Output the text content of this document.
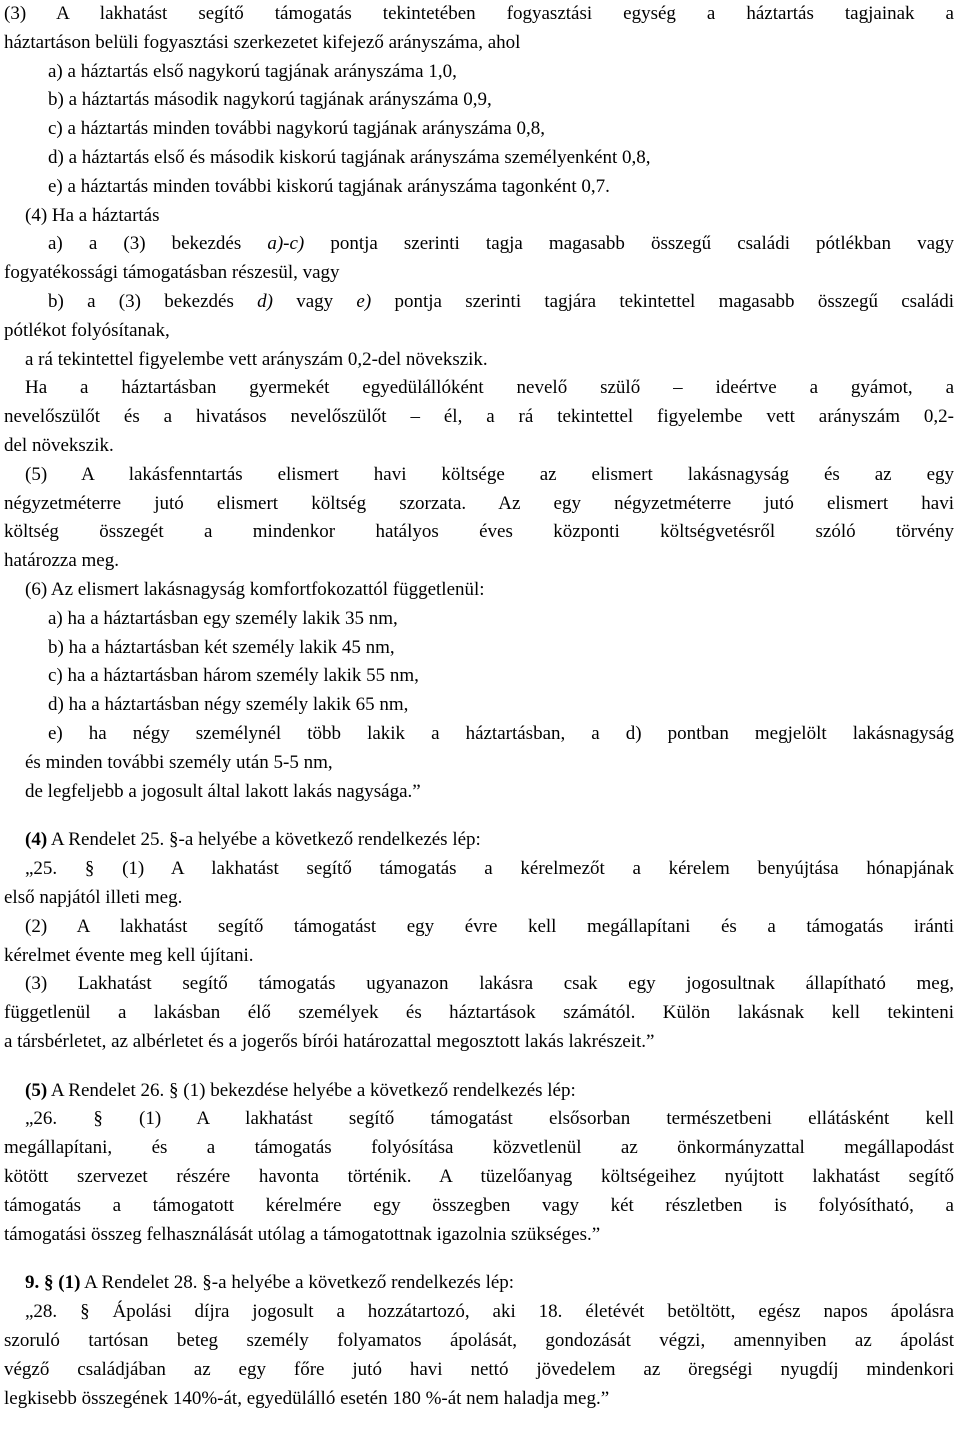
(3) A lakhatást segítő támogatás tekintetében fogyasztási egység a háztartás tagjainak a
háztartáson belüli fogyasztási szerkezetet kifejező arányszáma, ahol
a) a háztartás első nagykorú tagjának arányszáma 1,0,
b) a háztartás második nagykorú tagjának arányszáma 0,9,
c) a háztartás minden további nagykorú tagjának arányszáma 0,8,
d) a háztartás első és második kiskorú tagjának arányszáma személyenként 0,8,
e) a háztartás minden további kiskorú tagjának arányszáma tagonként 0,7.
(4) Ha a háztartás
a) a (3) bekezdés a)-c) pontja szerinti tagja magasabb összegű családi pótlékban vagy
fogyatékossági támogatásban részesül, vagy
b) a (3) bekezdés d) vagy e) pontja szerinti tagjára tekintettel magasabb összegű családi
pótlékot folyósítanak,
a rá tekintettel figyelembe vett arányszám 0,2-del növekszik.
Ha a háztartásban gyermekét egyedülállóként nevelő szülő – ideértve a gyámot, a
nevelőszülőt és a hivatásos nevelőszülőt – él, a rá tekintettel figyelembe vett arányszám 0,2-
del növekszik.
(5) A lakásfenntartás elismert havi költsége az elismert lakásnagyság és az egy
négyzetméterre jutó elismert költség szorzata. Az egy négyzetméterre jutó elismert havi
költség összegét a mindenkor hatályos éves központi költségvetésről szóló törvény
határozza meg.
(6) Az elismert lakásnagyság komfortfokozattól függetlenül:
a) ha a háztartásban egy személy lakik 35 nm,
b) ha a háztartásban két személy lakik 45 nm,
c) ha a háztartásban három személy lakik 55 nm,
d) ha a háztartásban négy személy lakik 65 nm,
e) ha négy személynél több lakik a háztartásban, a d) pontban megjelölt lakásnagyság
és minden további személy után 5-5 nm,
de legfeljebb a jogosult által lakott lakás nagysága.”
(4) A Rendelet 25. §-a helyébe a következő rendelkezés lép:
„25. § (1) A lakhatást segítő támogatás a kérelmezőt a kérelem benyújtása hónapjának
első napjától illeti meg.
(2) A lakhatást segítő támogatást egy évre kell megállapítani és a támogatás iránti
kérelmet évente meg kell újítani.
(3) Lakhatást segítő támogatás ugyanazon lakásra csak egy jogosultnak állapítható meg,
függetlenül a lakásban élő személyek és háztartások számától. Külön lakásnak kell tekinteni
a társbérletet, az albérletet és a jogerős bírói határozattal megosztott lakás lakrészeit.”
(5) A Rendelet 26. § (1) bekezdése helyébe a következő rendelkezés lép:
„26. § (1) A lakhatást segítő támogatást elsősorban természetbeni ellátásként kell
megállapítani, és a támogatás folyósítása közvetlenül az önkormányzattal megállapodást
kötött szervezet részére havonta történik. A tüzelőanyag költségeihez nyújtott lakhatást segítő
támogatás a támogatott kérelmére egy összegben vagy két részletben is folyósítható, a
támogatási összeg felhasználását utólag a támogatottnak igazolnia szükséges.”
9. § (1) A Rendelet 28. §-a helyébe a következő rendelkezés lép:
„28. § Ápolási díjra jogosult a hozzátartozó, aki 18. életévét betöltött, egész napos ápolásra
szoruló tartósan beteg személy folyamatos ápolását, gondozását végzi, amennyiben az ápolást
végző családjában az egy főre jutó havi nettó jövedelem az öregségi nyugdíj mindenkori
legkisebb összegének 140%-át, egyedülálló esetén 180 %-át nem haladja meg.”
